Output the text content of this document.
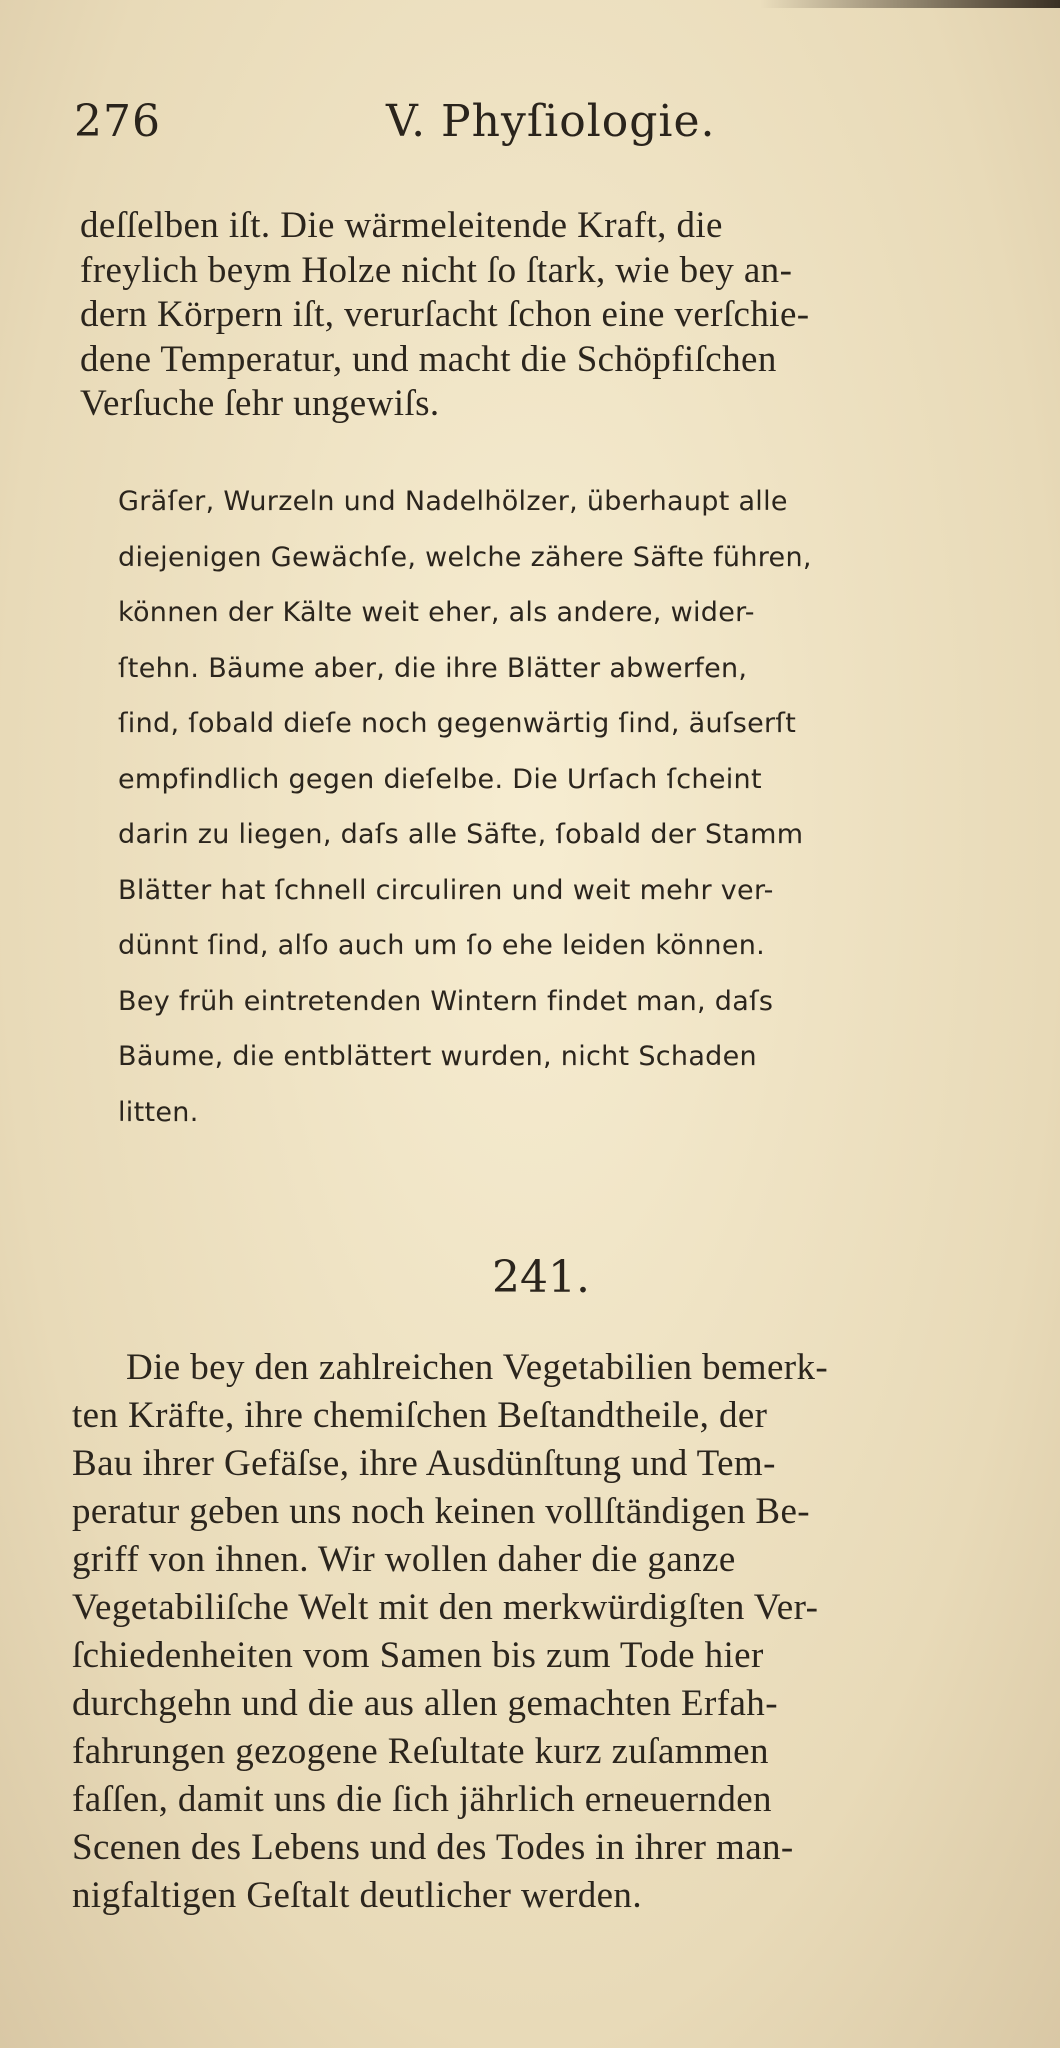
276	V. Phyſiologie.
deſſelben iſt. Die wärmeleitende Kraft, die
freylich beym Holze nicht ſo ſtark, wie bey an-
dern Körpern iſt, verurſacht ſchon eine verſchie-
dene Temperatur, und macht die Schöpfiſchen
Verſuche ſehr ungewiſs.
Gräſer, Wurzeln und Nadelhölzer, überhaupt alle
diejenigen Gewächſe, welche zähere Säfte führen,
können der Kälte weit eher, als andere, wider-
ſtehn. Bäume aber, die ihre Blätter abwerfen,
ſind, ſobald dieſe noch gegenwärtig ſind, äuſserſt
empfindlich gegen dieſelbe. Die Urſach ſcheint
darin zu liegen, daſs alle Säfte, ſobald der Stamm
Blätter hat ſchnell circuliren und weit mehr ver-
dünnt ſind, alſo auch um ſo ehe leiden können.
Bey früh eintretenden Wintern findet man, daſs
Bäume, die entblättert wurden, nicht Schaden
litten.
241.
Die bey den zahlreichen Vegetabilien bemerk-
ten Kräfte, ihre chemiſchen Beſtandtheile, der
Bau ihrer Gefäſse, ihre Ausdünſtung und Tem-
peratur geben uns noch keinen vollſtändigen Be-
griff von ihnen. Wir wollen daher die ganze
Vegetabiliſche Welt mit den merkwürdigſten Ver-
ſchiedenheiten vom Samen bis zum Tode hier
durchgehn und die aus allen gemachten Erfah-
fahrungen gezogene Reſultate kurz zuſammen
faſſen, damit uns die ſich jährlich erneuernden
Scenen des Lebens und des Todes in ihrer man-
nigfaltigen Geſtalt deutlicher werden.
